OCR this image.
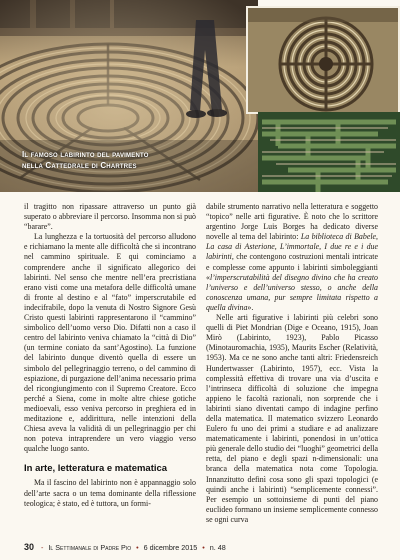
Il famoso labirinto del pavimento
nella Cattedrale di Chartres

il tragitto non ripassare attraverso un punto già superato o abbreviare il percorso. Insomma non si può “barare”.

La lunghezza e la tortuosità del percorso alludono e richiamano la mente alle difficoltà che si incontrano nel cammino spirituale. E qui cominciamo a comprendere anche il significato allegorico dei labirinti. Nel senso che mentre nell’era precristiana erano visti come una metafora delle difficoltà umane di fronte al destino e al “fato” imperscrutabile ed indecifrabile, dopo la venuta di Nostro Signore Gesù Cristo questi labirinti rappresentarono il “cammino” simbolico dell’uomo verso Dio. Difatti non a caso il centro del labirinto veniva chiamato la “città di Dio” (un termine coniato da sant’Agostino). La funzione del labirinto dunque diventò quella di essere un simbolo del pellegrinaggio terreno, o del cammino di espiazione, di purgazione dell’anima necessario prima del ricongiungimento con il Supremo Creatore. Ecco perché a Siena, come in molte altre chiese gotiche medioevali, esso veniva percorso in preghiera ed in meditazione e, addirittura, nelle intenzioni della Chiesa aveva la validità di un pellegrinaggio per chi non poteva intraprendere un vero viaggio verso qualche luogo santo.

In arte, letteratura e matematica

Ma il fascino del labirinto non è appannaggio solo dell’arte sacra o un tema dominante della riflessione teologica; è stato, ed è tuttora, un formi-

dabile strumento narrativo nella letteratura e soggetto “topico” nelle arti figurative. È noto che lo scrittore argentino Jorge Luis Borges ha dedicato diverse novelle al tema del labirinto: La biblioteca di Babele, La casa di Asterione, L’immortale, I due re e i due labirinti, che contengono costruzioni mentali intricate e complesse come appunto i labirinti simboleggianti «l’imperscrutabilità del disegno divino che ha creato l’universo e dell’universo stesso, o anche della conoscenza umana, pur sempre limitata rispetto a quella divina».

Nelle arti figurative i labirinti più celebri sono quelli di Piet Mondrian (Dige e Oceano, 1915), Joan Mirò (Labirinto, 1923), Pablo Picasso (Minotauromachia, 1935), Maurits Escher (Relatività, 1953). Ma ce ne sono anche tanti altri: Friedensreich Hundertwasser (Labirinto, 1957), ecc. Vista la complessità effettiva di trovare una via d’uscita e l’intrinseca difficoltà di soluzione che impegna appieno le facoltà razionali, non sorprende che i labirinti siano diventati campo di indagine perfino della matematica. Il matematico svizzero Leonardo Eulero fu uno dei primi a studiare e ad analizzare matematicamente i labirinti, ponendosi in un’ottica più generale dello studio dei “luoghi” geometrici della retta, del piano e degli spazi n-dimensionali: una branca della matematica nota come Topologia. Innanzitutto definì cosa sono gli spazi topologici (e quindi anche i labirinti) “semplicemente connessi”. Per esempio un sottoinsieme di punti del piano euclideo formano un insieme semplicemente connesso se ogni curva

30 - Il Settimanale di Padre Pio • 6 dicembre 2015 • n. 48
